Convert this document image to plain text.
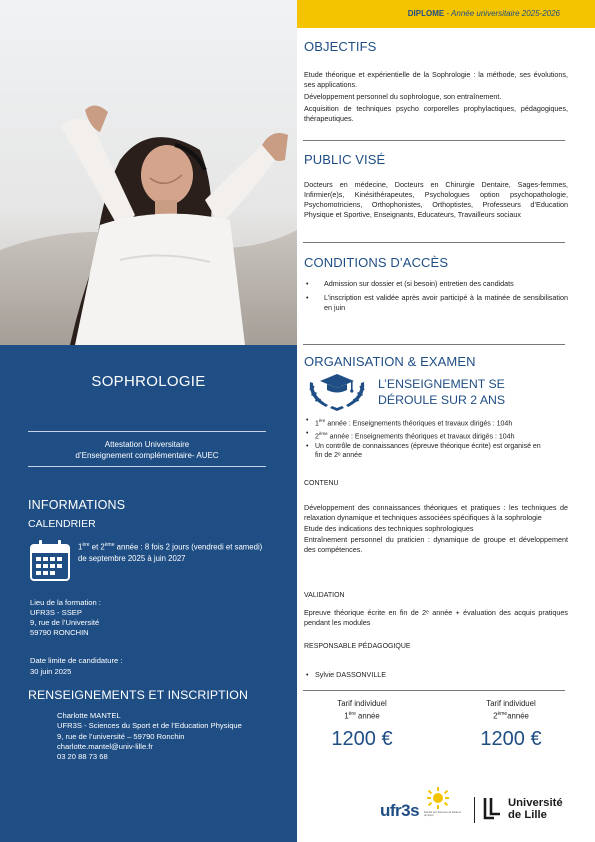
SOPHROLOGIE
Attestation Universitaire
d’Enseignement complémentaire- AUEC
INFORMATIONS
CALENDRIER
1ère et 2ème année : 8 fois 2 jours (vendredi et samedi) de septembre 2025 à juin 2027
Lieu de la formation :
UFR3S - SSEP
9, rue de l’Université
59790 RONCHIN
Date limite de candidature :
30 juin 2025
RENSEIGNEMENTS ET INSCRIPTION
Charlotte MANTEL
UFR3S - Sciences du Sport et de l’Education Physique
9, rue de l’université – 59790 Ronchin
charlotte.mantel@univ-lille.fr
03 20 88 73 68
DIPLOME - Année universitaire 2025-2026
OBJECTIFS

Etude théorique et expérientielle de la Sophrologie : la méthode, ses évolutions, ses applications.

Développement personnel du sophrologue, son entraînement.

Acquisition de techniques psycho corporelles prophylactiques, pédagogiques, thérapeutiques.

PUBLIC VISÉ
Docteurs en médecine, Docteurs en Chirurgie Dentaire, Sages-femmes, Infirmier(e)s, Kinésithérapeutes, Psychologues option psychopathologie, Psychomotriciens, Orthophonistes, Orthoptistes, Professeurs d’Education Physique et Sportive, Enseignants, Educateurs, Travailleurs sociaux
CONDITIONS D’ACCÈS
• Admission sur dossier et (si besoin) entretien des candidats
• L’inscription est validée après avoir participé à la matinée de sensibilisation en juin
ORGANISATION & EXAMEN
L’ENSEIGNEMENT SE
DÉROULE SUR 2 ANS
• 1ère année : Enseignements théoriques et travaux dirigés : 104h
• 2ème année : Enseignements théoriques et travaux dirigés : 104h
• Un contrôle de connaissances (épreuve théorique écrite) est organisé en fin de 2ᵉ année
CONTENU

Développement des connaissances théoriques et pratiques : les techniques de relaxation dynamique et techniques associées spécifiques à la sophrologie

Etude des indications des techniques sophrologiques

Entraînement personnel du praticien : dynamique de groupe et développement des compétences.

VALIDATION
Epreuve théorique écrite en fin de 2ᵉ année + évaluation des acquis pratiques pendant les modules
RESPONSABLE PÉDAGOGIQUE
• Sylvie DASSONVILLE
Tarif individuel
1ère année
1200 €
Tarif individuel
2èmeannée
1200 €
ufr3s Faculté des Sciences de Santé et du Sport
Université
de Lille
